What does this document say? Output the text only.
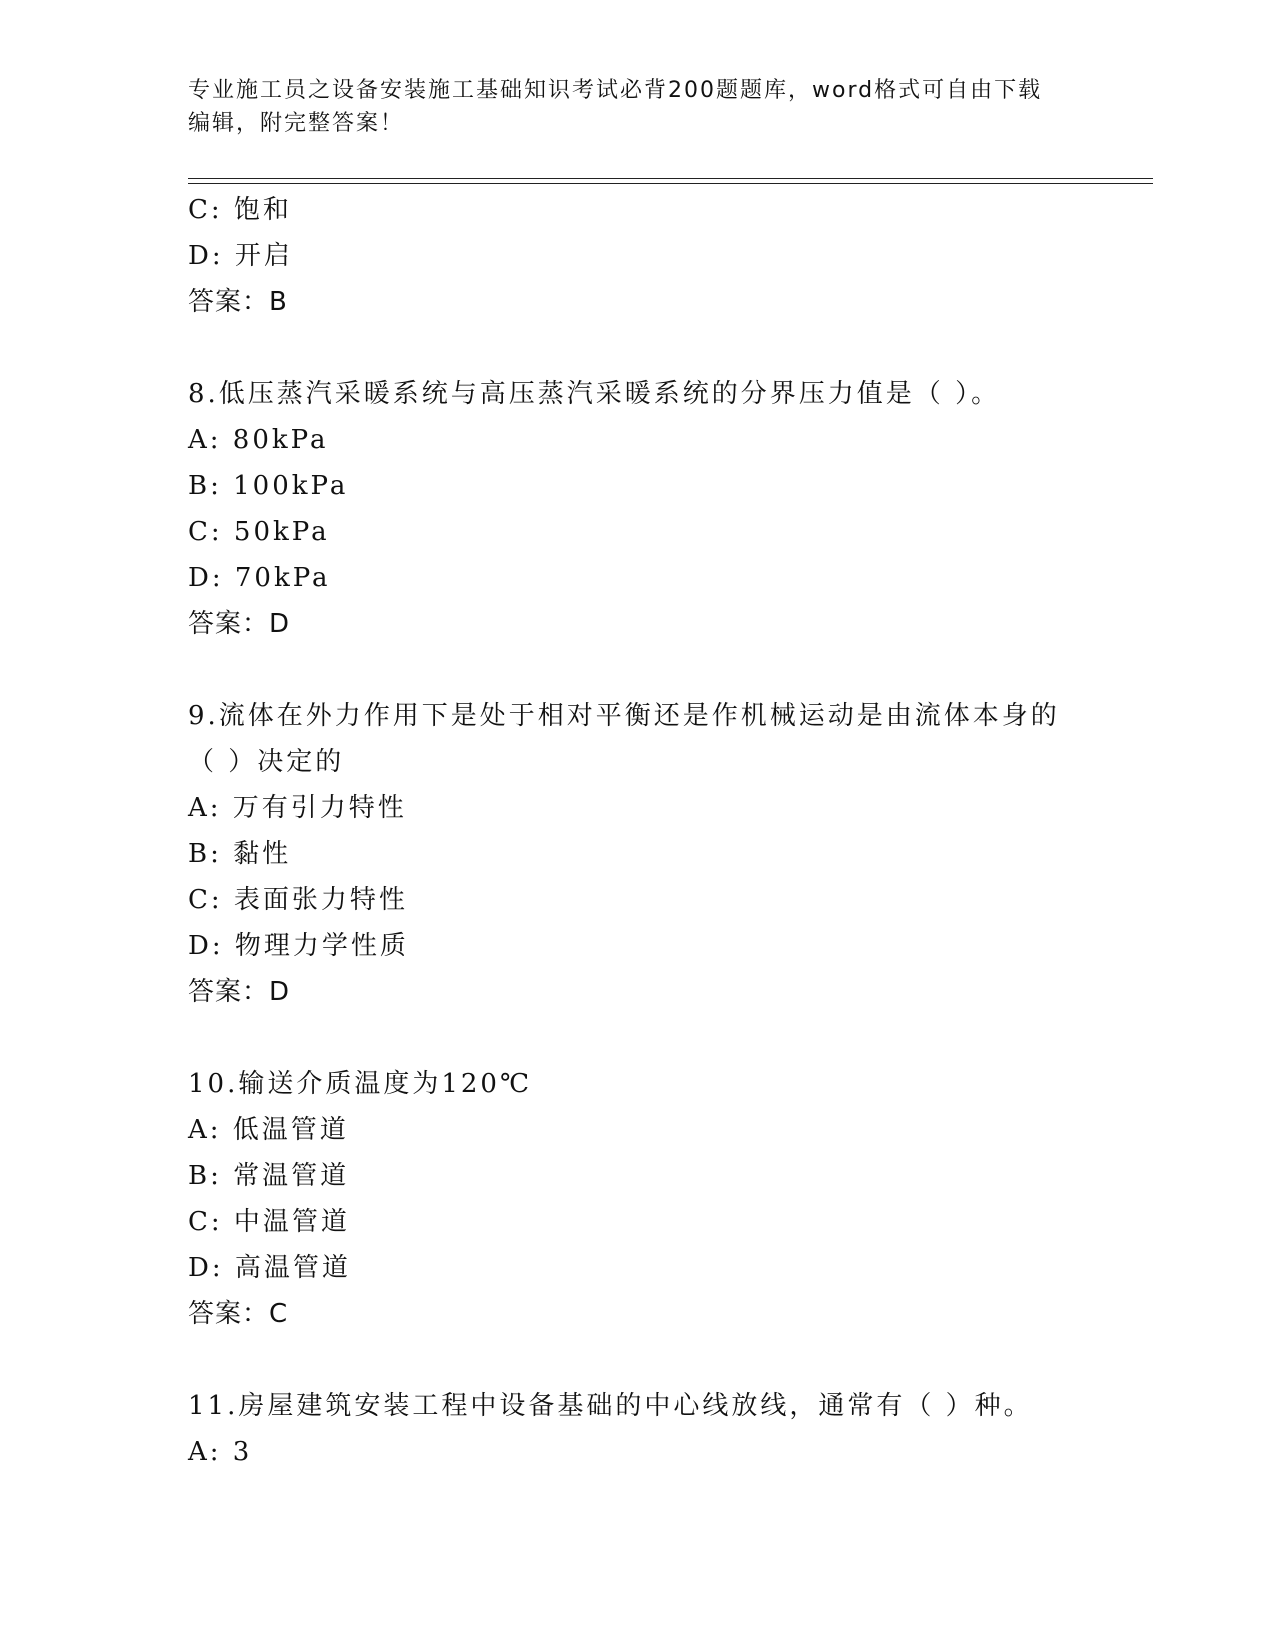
专业施工员之设备安装施工基础知识考试必背200题题库，word格式可自由下载
编辑，附完整答案！
C: 饱和
D: 开启
答案：B
8.低压蒸汽采暖系统与高压蒸汽采暖系统的分界压力值是（ ）。
A: 80kPa
B: 100kPa
C: 50kPa
D: 70kPa
答案：D
9.流体在外力作用下是处于相对平衡还是作机械运动是由流体本身的
（ ）决定的
A: 万有引力特性
B: 黏性
C: 表面张力特性
D: 物理力学性质
答案：D
10.输送介质温度为120℃
A: 低温管道
B: 常温管道
C: 中温管道
D: 高温管道
答案：C
11.房屋建筑安装工程中设备基础的中心线放线，通常有（ ）种。
A: 3
